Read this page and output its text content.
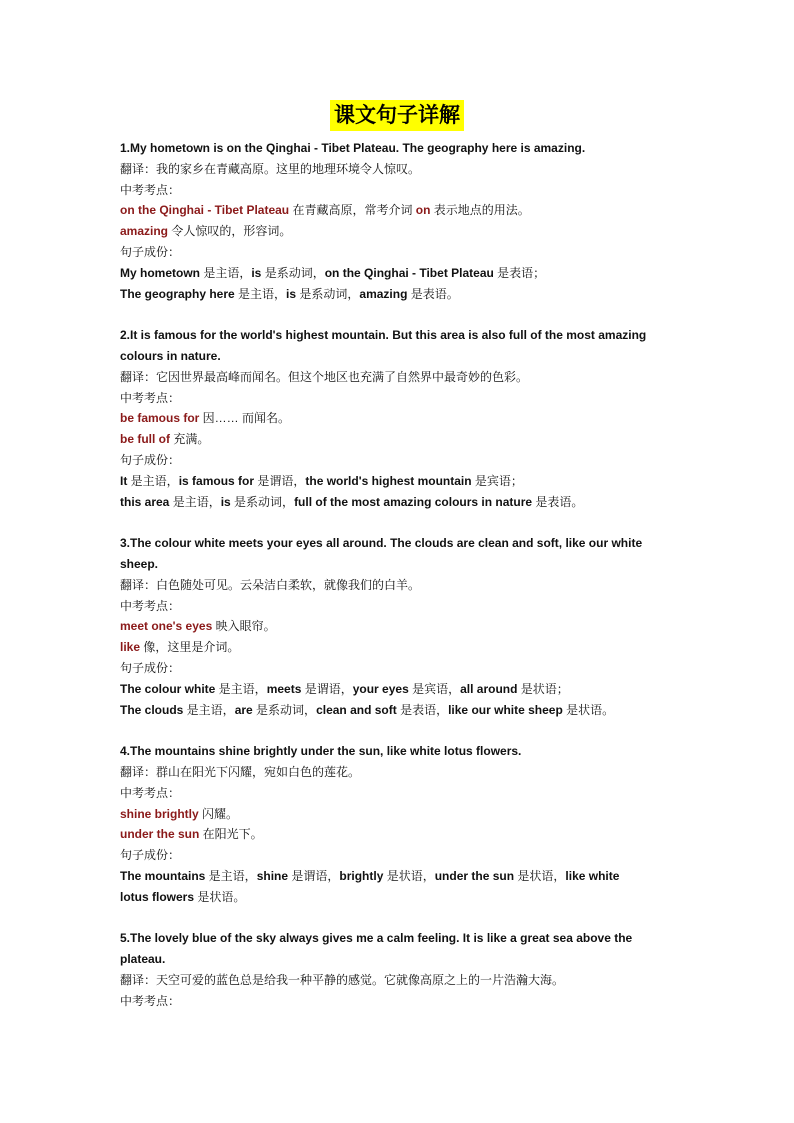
课文句子详解
1.My hometown is on the Qinghai - Tibet Plateau. The geography here is amazing.
翻译：我的家乡在青藏高原。这里的地理环境令人惊叹。
中考考点：
on the Qinghai - Tibet Plateau 在青藏高原，常考介词 on 表示地点的用法。
amazing 令人惊叹的，形容词。
句子成份：
My hometown 是主语，is 是系动词，on the Qinghai - Tibet Plateau 是表语；
The geography here 是主语，is 是系动词，amazing 是表语。
2.It is famous for the world's highest mountain. But this area is also full of the most amazing
colours in nature.
翻译：它因世界最高峰而闻名。但这个地区也充满了自然界中最奇妙的色彩。
中考考点：
be famous for 因…… 而闻名。
be full of 充满。
句子成份：
It 是主语，is famous for 是谓语，the world's highest mountain 是宾语；
this area 是主语，is 是系动词，full of the most amazing colours in nature 是表语。
3.The colour white meets your eyes all around. The clouds are clean and soft, like our white
sheep.
翻译：白色随处可见。云朵洁白柔软，就像我们的白羊。
中考考点：
meet one's eyes 映入眼帘。
like 像，这里是介词。
句子成份：
The colour white 是主语，meets 是谓语，your eyes 是宾语，all around 是状语；
The clouds 是主语，are 是系动词，clean and soft 是表语，like our white sheep 是状语。
4.The mountains shine brightly under the sun, like white lotus flowers.
翻译：群山在阳光下闪耀，宛如白色的莲花。
中考考点：
shine brightly 闪耀。
under the sun 在阳光下。
句子成份：
The mountains 是主语，shine 是谓语，brightly 是状语，under the sun 是状语，like white
lotus flowers 是状语。
5.The lovely blue of the sky always gives me a calm feeling. It is like a great sea above the
plateau.
翻译：天空可爱的蓝色总是给我一种平静的感觉。它就像高原之上的一片浩瀚大海。
中考考点：
